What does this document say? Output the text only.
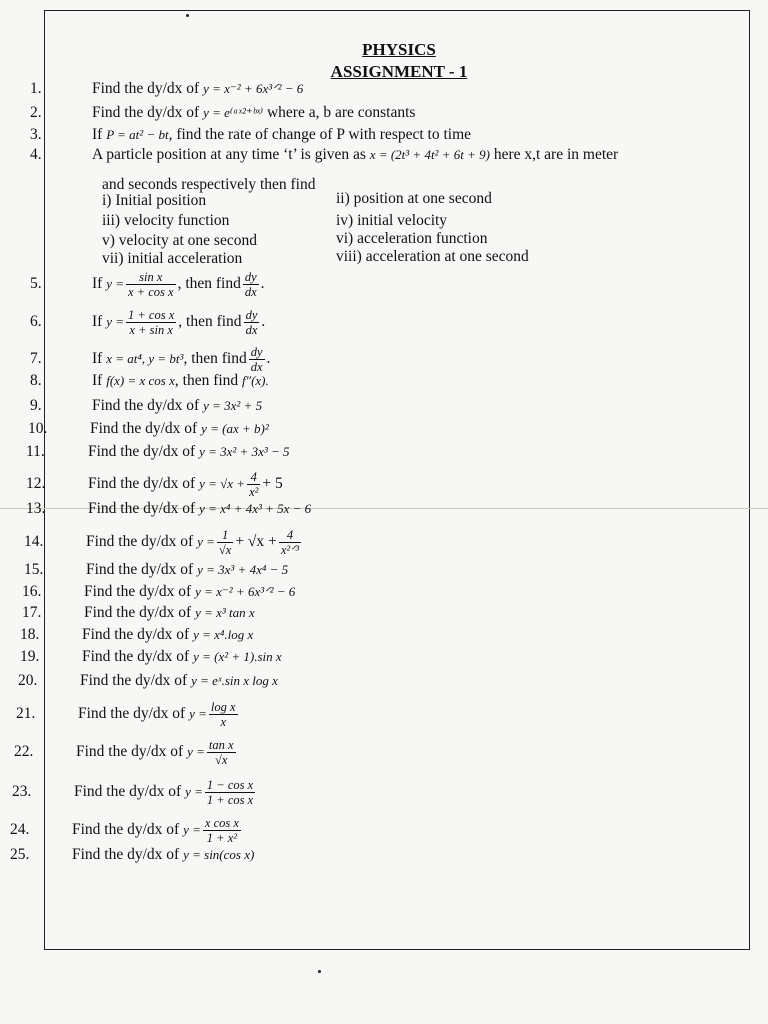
PHYSICS
ASSIGNMENT - 1
1.	Find the dy/dx of y = x⁻² + 6x³ᐟ² − 6
2.	Find the dy/dx of y = e⁽ᵃˣ²⁺ᵇˣ⁾ where a, b are constants
3.	If P = at² − bt, find the rate of change of P with respect to time
4.	A particle position at any time ‘t’ is given as x = (2t³ + 4t² + 6t + 9) here x,t are in meter
5.	If $y = \frac{\text{sin x}}{\text{x + cos x}}$ , then find $\frac{dy}{dx}$ .
6.	If $y = \frac{\text{1 + cos x}}{\text{x + sin x}}$ , then find $\frac{dy}{dx}$ .
7.	If x = at⁴, y = bt³, then find $\frac{dy}{dx}$ .
8.	If f(x) = x cos x, then find f″(x).
9.	Find the dy/dx of y = 3x² + 5
10.	Find the dy/dx of y = (ax + b)²
11.	Find the dy/dx of y = 3x² + 3x³ − 5
12.	Find the dy/dx of $y = √x + \frac{4}{\text{x²}} + 5$
13.	Find the dy/dx of y = x⁴ + 4x³ + 5x − 6
14.	Find the dy/dx of $y = \frac{1}{√x} + √x + \frac{4}{\text{x²ᐟ³}}$
15.	Find the dy/dx of y = 3x³ + 4x⁴ − 5
16.	Find the dy/dx of y = x⁻² + 6x³ᐟ² − 6
17.	Find the dy/dx of y = x³ tan x
18.	Find the dy/dx of y = x⁴.log x
19.	Find the dy/dx of y = (x² + 1).sin x
20.	Find the dy/dx of y = eˣ.sin x log x
21.	Find the dy/dx of $y = \frac{\text{log x}}{x}$
22.	Find the dy/dx of $y = \frac{\text{tan x}}{√x}$
23.	Find the dy/dx of $y = \frac{\text{1 − cos x}}{\text{1 + cos x}}$
24.	Find the dy/dx of $y = \frac{\text{x cos x}}{\text{1 + x²}}$
25.	Find the dy/dx of y = sin(cos x)
and seconds respectively then find
i) Initial position	ii) position at one second
iii) velocity function	iv) initial velocity
v) velocity at one second	vi) acceleration function
vii) initial acceleration	viii) acceleration at one second
